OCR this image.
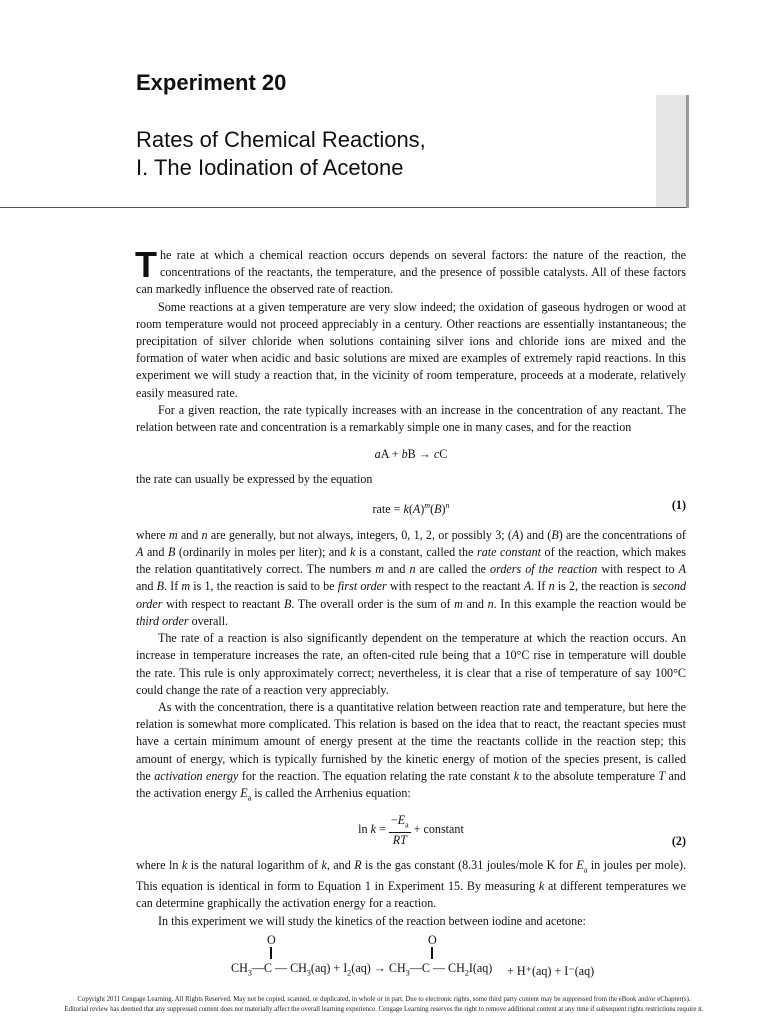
Experiment 20
Rates of Chemical Reactions,
I. The Iodination of Acetone

The rate at which a chemical reaction occurs depends on several factors: the nature of the reaction, the concentrations of the reactants, the temperature, and the presence of possible catalysts. All of these factors can markedly influence the observed rate of reaction.

Some reactions at a given temperature are very slow indeed; the oxidation of gaseous hydrogen or wood at room temperature would not proceed appreciably in a century. Other reactions are essentially instantaneous; the precipitation of silver chloride when solutions containing silver ions and chloride ions are mixed and the formation of water when acidic and basic solutions are mixed are examples of extremely rapid reactions. In this experiment we will study a reaction that, in the vicinity of room temperature, proceeds at a moderate, relatively easily measured rate.

For a given reaction, the rate typically increases with an increase in the concentration of any reactant. The relation between rate and concentration is a remarkably simple one in many cases, and for the reaction

aA + bB → cC

the rate can usually be expressed by the equation

rate = $k(A)^m(B)^n$	(1)

where m and n are generally, but not always, integers, 0, 1, 2, or possibly 3; (A) and (B) are the concentrations of A and B (ordinarily in moles per liter); and k is a constant, called the rate constant of the reaction, which makes the relation quantitatively correct. The numbers m and n are called the orders of the reaction with respect to A and B. If m is 1, the reaction is said to be first order with respect to the reactant A. If n is 2, the reaction is second order with respect to reactant B. The overall order is the sum of m and n. In this example the reaction would be third order overall.

The rate of a reaction is also significantly dependent on the temperature at which the reaction occurs. An increase in temperature increases the rate, an often-cited rule being that a 10°C rise in temperature will double the rate. This rule is only approximately correct; nevertheless, it is clear that a rise of temperature of say 100°C could change the rate of a reaction very appreciably.

As with the concentration, there is a quantitative relation between reaction rate and temperature, but here the relation is somewhat more complicated. This relation is based on the idea that to react, the reactant species must have a certain minimum amount of energy present at the time the reactants collide in the reaction step; this amount of energy, which is typically furnished by the kinetic energy of motion of the species present, is called the activation energy for the reaction. The equation relating the rate constant k to the absolute temperature T and the activation energy $E_a$ is called the Arrhenius equation:

$\ln k = \frac{-E_a}{RT}$ + constant
(2)

where ln k is the natural logarithm of k, and R is the gas constant (8.31 joules/mole K for $E_a$ in joules per mole). This equation is identical in form to Equation 1 in Experiment 15. By measuring k at different temperatures we can determine graphically the activation energy for a reaction.

In this experiment we will study the kinetics of the reaction between iodine and acetone:

O	O
$CH_3—C$ — $CH_3(aq) + I_2(aq)$ → $CH_3—C$ — $CH_2I(aq) + H^+(aq) + I^-(aq)$
Copyright 2011 Cengage Learning. All Rights Reserved. May not be copied, scanned, or duplicated, in whole or in part. Due to electronic rights, some third party content may be suppressed from the eBook and/or eChapter(s).
Editorial review has deemed that any suppressed content does not materially affect the overall learning experience. Cengage Learning reserves the right to remove additional content at any time if subsequent rights restrictions require it.
